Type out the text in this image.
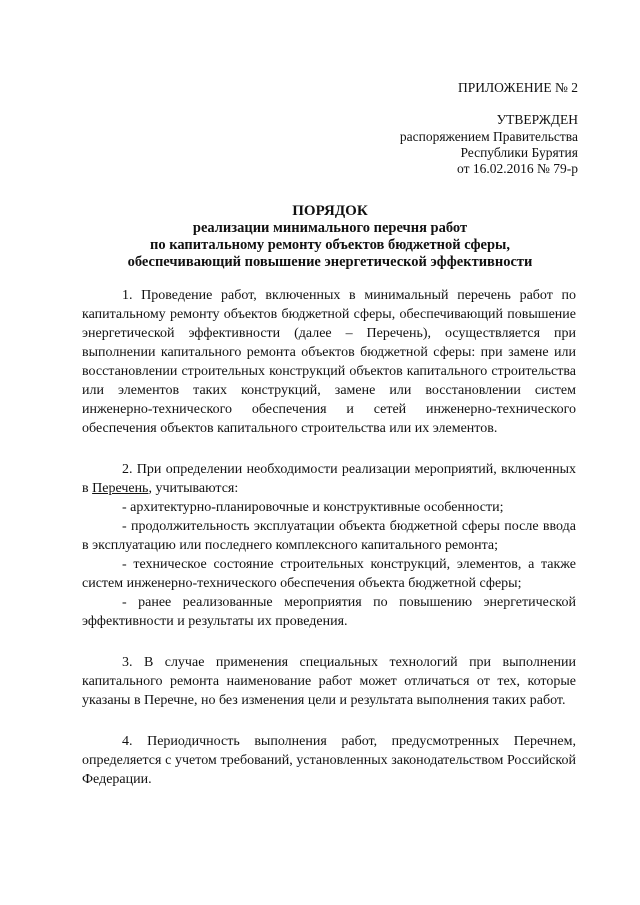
ПРИЛОЖЕНИЕ № 2
УТВЕРЖДЕН
распоряжением Правительства
Республики Бурятия
от 16.02.2016 № 79-р
ПОРЯДОК
реализации минимального перечня работ
по капитальному ремонту объектов бюджетной сферы,
обеспечивающий повышение энергетической эффективности

1. Проведение работ, включенных в минимальный перечень работ по капитальному ремонту объектов бюджетной сферы, обеспечивающий повышение энергетической эффективности (далее – Перечень), осуществляется при выполнении капитального ремонта объектов бюджетной сферы: при замене или восстановлении строительных конструкций объектов капитального строительства или элементов таких конструкций, замене или восстановлении систем инженерно-технического обеспечения и сетей инженерно-технического обеспечения объектов капитального строительства или их элементов.

2. При определении необходимости реализации мероприятий, включенных в Перечень, учитываются:

- архитектурно-планировочные и конструктивные особенности;

- продолжительность эксплуатации объекта бюджетной сферы после ввода в эксплуатацию или последнего комплексного капитального ремонта;

- техническое состояние строительных конструкций, элементов, а также систем инженерно-технического обеспечения объекта бюджетной сферы;

- ранее реализованные мероприятия по повышению энергетической эффективности и результаты их проведения.

3. В случае применения специальных технологий при выполнении капитального ремонта наименование работ может отличаться от тех, которые указаны в Перечне, но без изменения цели и результата выполнения таких работ.

4. Периодичность выполнения работ, предусмотренных Перечнем, определяется с учетом требований, установленных законодательством Российской Федерации.
